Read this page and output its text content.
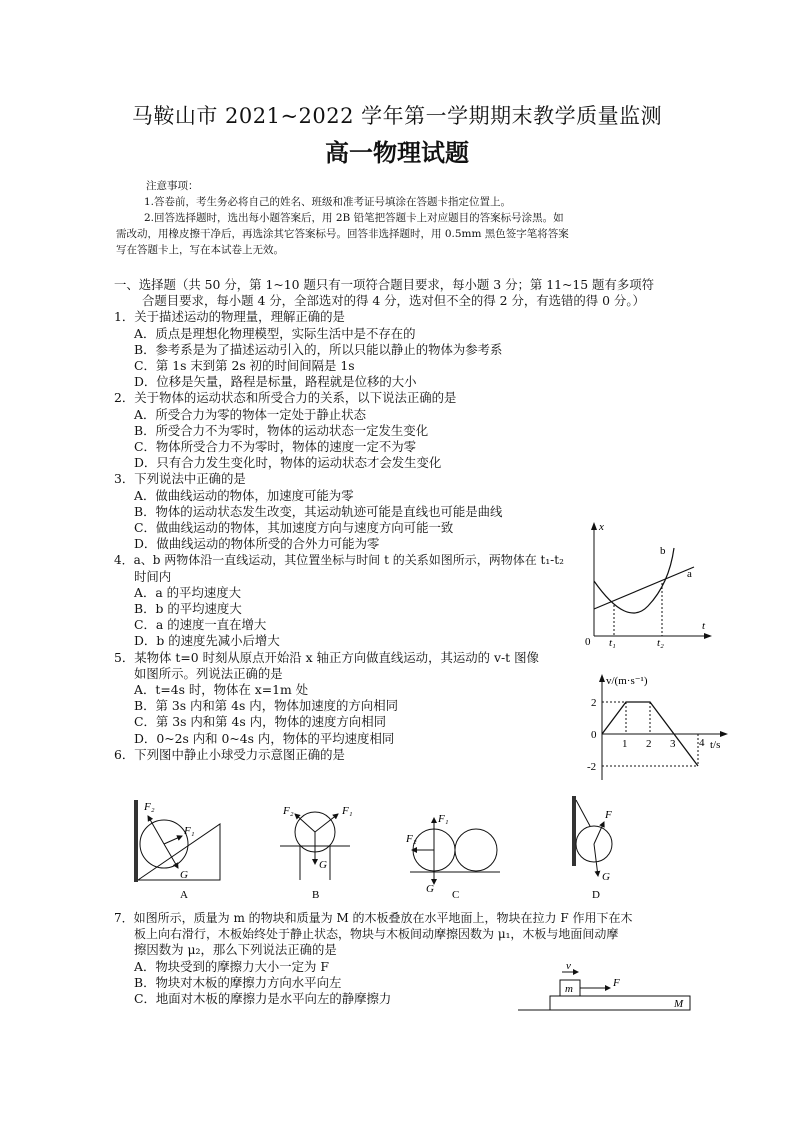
马鞍山市 2021~2022 学年第一学期期末教学质量监测
高一物理试题

注意事项：

1.答卷前，考生务必将自己的姓名、班级和准考证号填涂在答题卡指定位置上。

2.回答选择题时，选出每小题答案后，用 2B 铅笔把答题卡上对应题目的答案标号涂黑。如

需改动，用橡皮擦干净后，再选涂其它答案标号。回答非选择题时，用 0.5mm 黑色签字笔将答案

写在答题卡上，写在本试卷上无效。

一、选择题（共 50 分，第 1~10 题只有一项符合题目要求，每小题 3 分；第 11~15 题有多项符

合题目要求，每小题 4 分，全部选对的得 4 分，选对但不全的得 2 分，有选错的得 0 分。）

1．关于描述运动的物理量，理解正确的是

A．质点是理想化物理模型，实际生活中是不存在的

B．参考系是为了描述运动引入的，所以只能以静止的物体为参考系

C．第 1s 末到第 2s 初的时间间隔是 1s

D．位移是矢量，路程是标量，路程就是位移的大小

2．关于物体的运动状态和所受合力的关系，以下说法正确的是

A．所受合力为零的物体一定处于静止状态

B．所受合力不为零时，物体的运动状态一定发生变化

C．物体所受合力不为零时，物体的速度一定不为零

D．只有合力发生变化时，物体的运动状态才会发生变化

3．下列说法中正确的是

A．做曲线运动的物体，加速度可能为零

B．物体的运动状态发生改变，其运动轨迹可能是直线也可能是曲线

C．做曲线运动的物体，其加速度方向与速度方向可能一致

D．做曲线运动的物体所受的合外力可能为零

4．a、b 两物体沿一直线运动，其位置坐标与时间 t 的关系如图所示，两物体在 t₁-t₂

时间内

A．a 的平均速度大

B．b 的平均速度大

C．a 的速度一直在增大

D．b 的速度先减小后增大

5．某物体 t=0 时刻从原点开始沿 x 轴正方向做直线运动，其运动的 v-t 图像

如图所示。列说法正确的是

A．t=4s 时，物体在 x=1m 处

B．第 3s 内和第 4s 内，物体加速度的方向相同

C．第 3s 内和第 4s 内，物体的速度方向相同

D．0~2s 内和 0~4s 内，物体的平均速度相同

6．下列图中静止小球受力示意图正确的是

7．如图所示，质量为 m 的物块和质量为 M 的木板叠放在水平地面上，物块在拉力 F 作用下在木

板上向右滑行，木板始终处于静止状态，物块与木板间动摩擦因数为 μ₁，木板与地面间动摩

擦因数为 μ₂，那么下列说法正确的是

A．物块受到的摩擦力大小一定为 F

B．物块对木板的摩擦力方向水平向左

C．地面对木板的摩擦力是水平向左的静摩擦力

x
t
0 t₁	t₂
a
b
v/(m·s⁻¹)
t/s
2
0
-2
1 2 3 4
F₂
F₁
G
A
F₂	F₁
G
B
F₁
F₂
G C
F
G
D
v
m	F
M
